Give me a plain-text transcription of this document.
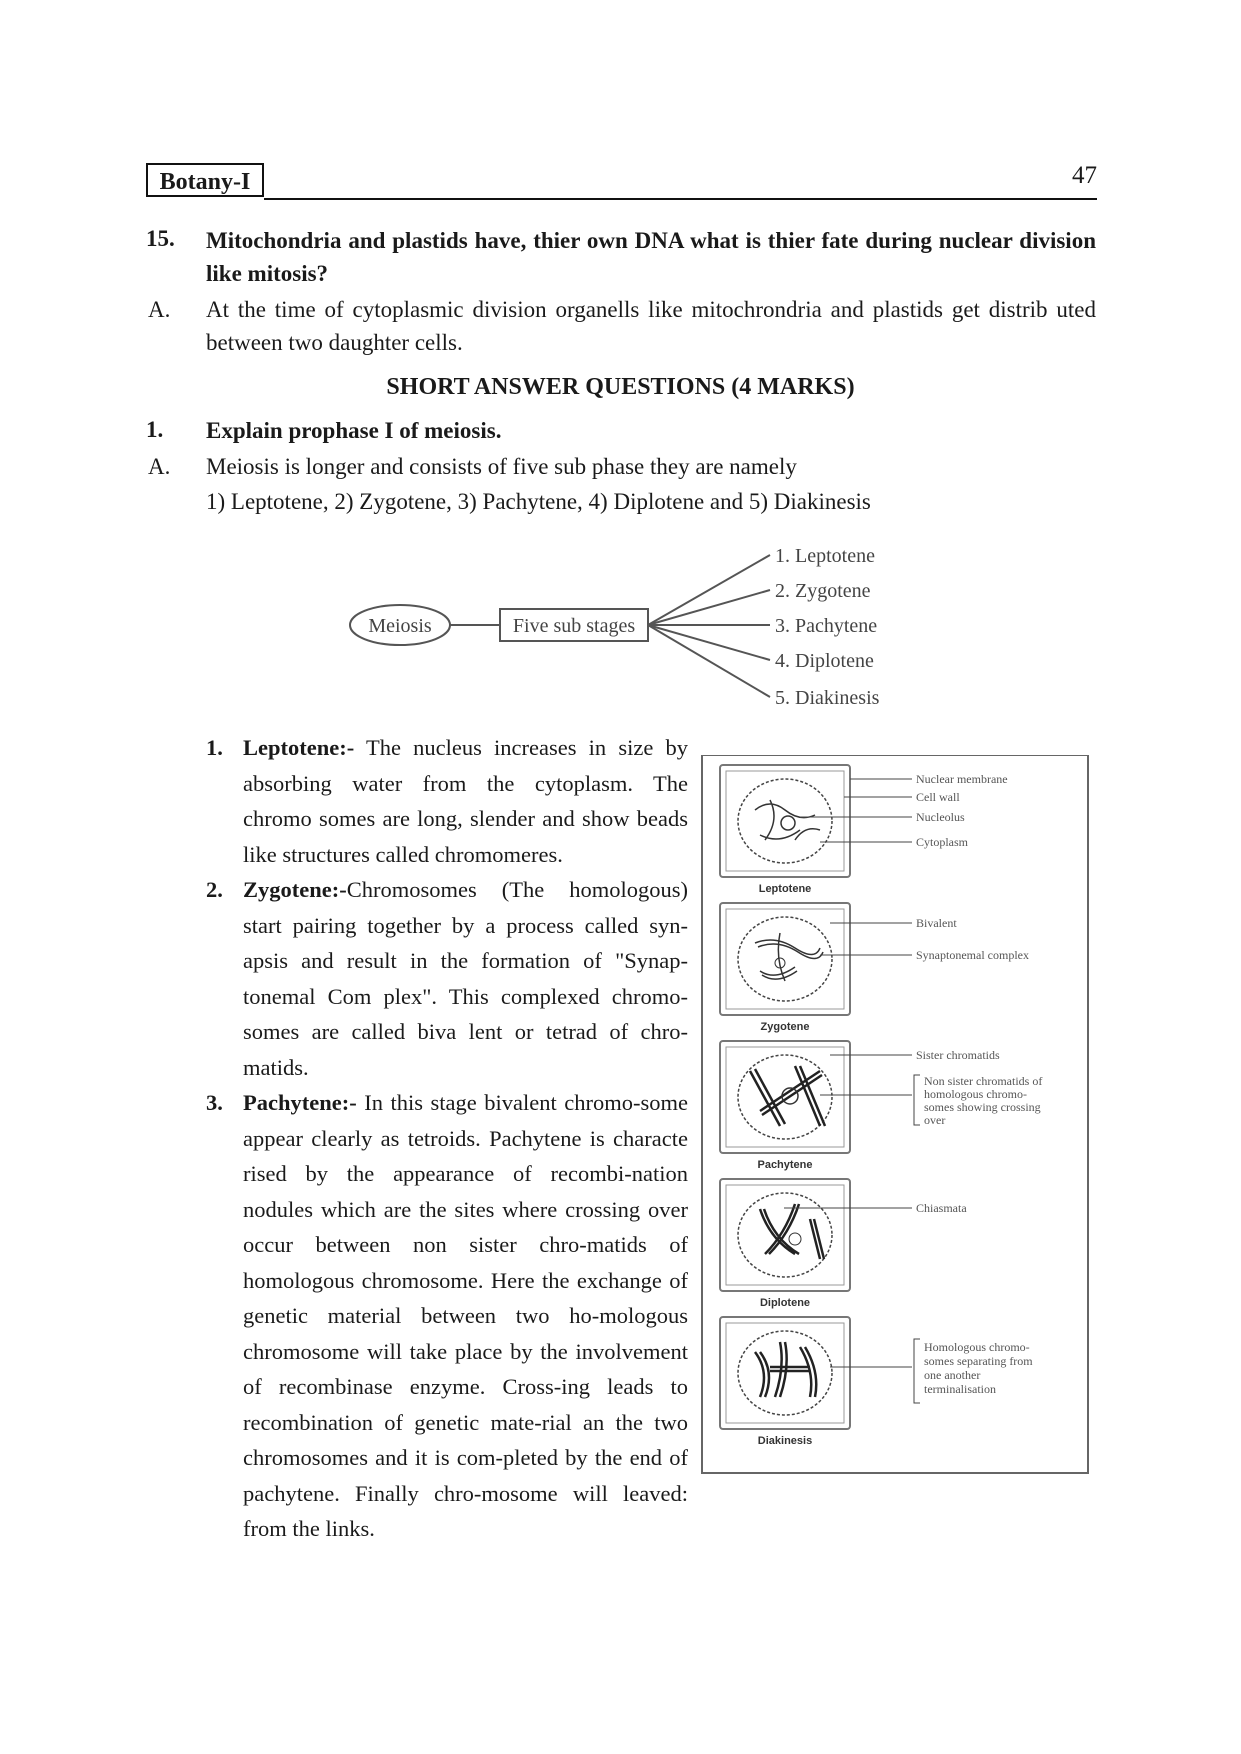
Botany-I	47
15. Mitochondria and plastids have, thier own DNA what is thier fate during nuclear division like mitosis?
A. At the time of cytoplasmic division organells like mitochrondria and plastids get distrib uted between two daughter cells.
SHORT ANSWER QUESTIONS (4 MARKS)
1. Explain prophase I of meiosis.
A. Meiosis is longer and consists of five sub phase they are namely
1) Leptotene, 2) Zygotene, 3) Pachytene, 4) Diplotene and 5) Diakinesis
Meiosis	Five sub stages
1. Leptotene
2. Zygotene
3. Pachytene
4. Diplotene
5. Diakinesis
1. Leptotene:- The nucleus increases in size by absorbing water from the cytoplasm. The chromo somes are long, slender and show beads like structures called chromomeres.
2. Zygotene:-Chromosomes (The homologous) start pairing together by a process called syn-apsis and result in the formation of "Synap-tonemal Com plex". This complexed chromo-somes are called biva lent or tetrad of chro-matids.
3. Pachytene:- In this stage bivalent chromo-some appear clearly as tetroids. Pachytene is characte rised by the appearance of recombi-nation nodules which are the sites where crossing over occur between non sister chro-matids of homologous chromosome. Here the exchange of genetic material between two ho-mologous chromosome will take place by the involvement of recombinase enzyme. Cross-ing leads to recombination of genetic mate-rial an the two chromosomes and it is com-pleted by the end of pachytene. Finally chro-mosome will leaved: from the links.
Leptotene
Nuclear membrane
Cell wall
Nucleolus
Cytoplasm
Zygotene
Bivalent
Synaptonemal complex
Pachytene
Sister chromatids
Non sister chromatids of
homologous chromo-
somes showing crossing
over
Diplotene
Chiasmata
Diakinesis
Homologous chromo-
somes separating from
one another
terminalisation
